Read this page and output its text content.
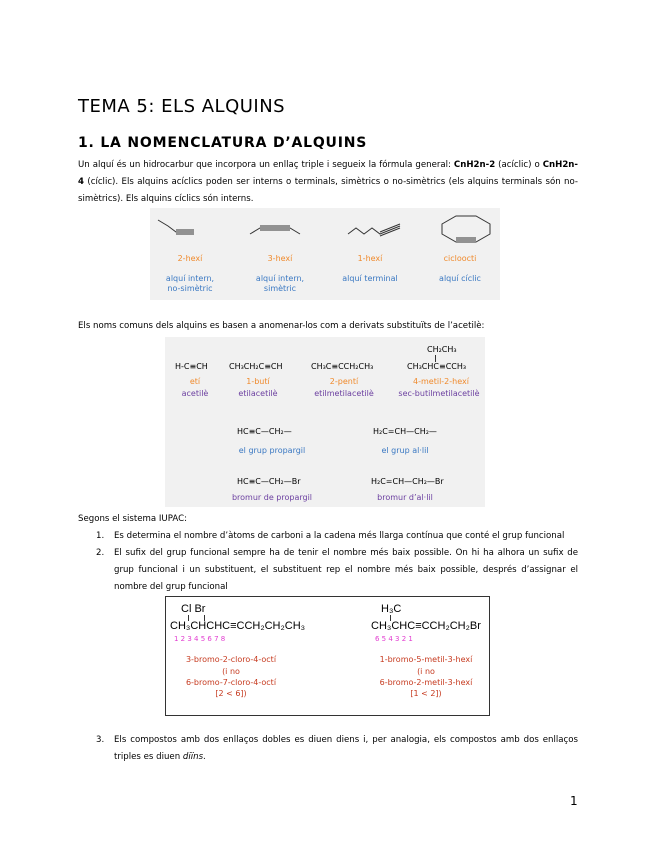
TEMA 5: ELS ALQUINS
1. LA NOMENCLATURA D’ALQUINS
Un alquí és un hidrocarbur que incorpora un enllaç triple i segueix la fórmula general: CnH2n-2 (acíclic) o CnH2n-4 (cíclic). Els alquins acíclics poden ser interns o terminals, simètrics o no-simètrics (els alquins terminals són no-simètrics). Els alquins cíclics són interns.
2-hexí
alquí intern,
no-simètric
3-hexí
alquí intern,
simètric
1-hexí
alquí terminal
cicloocti
alquí cíclic
Els noms comuns dels alquins es basen a anomenar-los com a derivats substituïts de l’acetilè:
H-C≡CH
etí
acetilè
CH₃CH₂C≡CH
1-butí
etilacetilè
CH₃C≡CCH₂CH₃
2-pentí
etilmetilacetilè
CH₂CH₃
CH₃CHC≡CCH₃
4-metil-2-hexí
sec-butilmetilacetilè
HC≡C—CH₂—
el grup propargil
H₂C=CH—CH₂—
el grup al·lil
HC≡C—CH₂—Br
bromur de propargil
H₂C=CH—CH₂—Br
bromur d’al·lil
Segons el sistema IUPAC:
1. Es determina el nombre d’àtoms de carboni a la cadena més llarga contínua que conté el grup funcional
2. El sufix del grup funcional sempre ha de tenir el nombre més baix possible. On hi ha alhora un sufix de grup funcional i un substituent, el substituent rep el nombre més baix possible, després d’assignar el nombre del grup funcional
Cl Br
CH₃CHCHC≡CCH₂CH₂CH₃
1 2 3 4 5 6 7 8
3-bromo-2-cloro-4-octí
(i no
6-bromo-7-cloro-4-octí
[2 < 6])
H₃C
CH₃CHC≡CCH₂CH₂Br
6 5 4 3 2 1
1-bromo-5-metil-3-hexí
(i no
6-bromo-2-metil-3-hexí
[1 < 2])
3. Els compostos amb dos enllaços dobles es diuen diens i, per analogia, els compostos amb dos enllaços triples es diuen diïns.
1
